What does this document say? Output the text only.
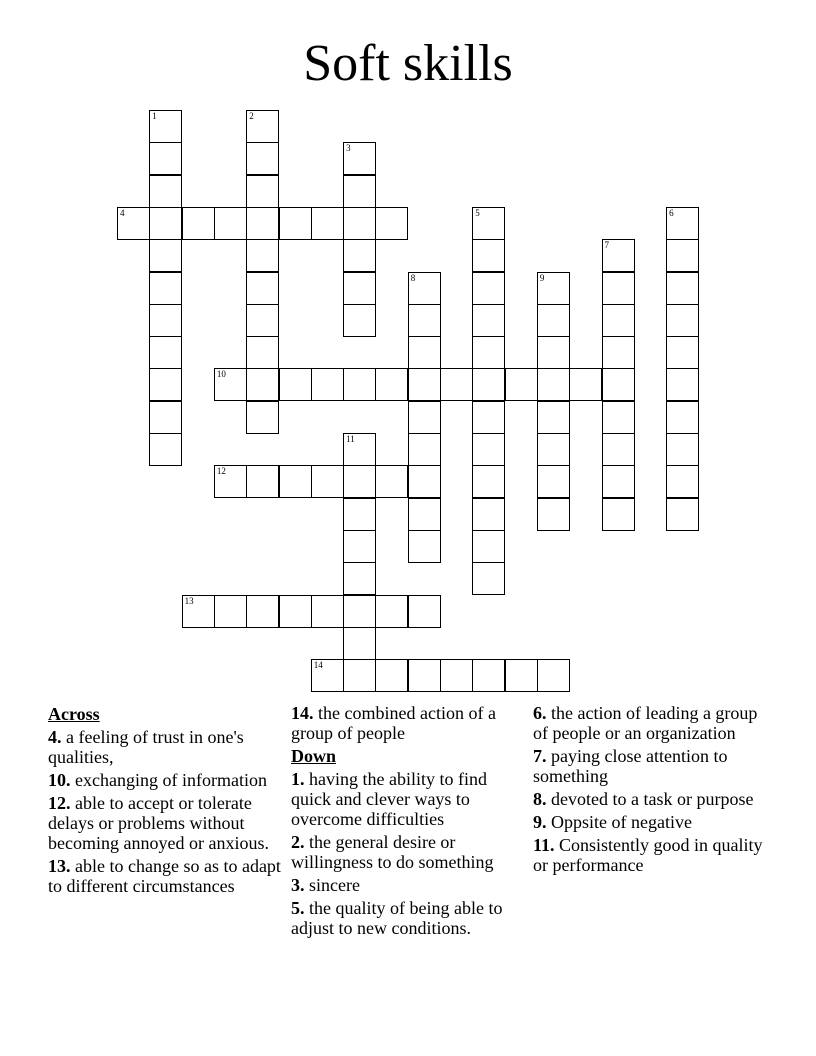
Soft skills
1	2
3
4	5	6
7
8	9
10
11
12
13
14
Across
4. a feeling of trust in one's qualities,
10. exchanging of information
12. able to accept or tolerate delays or problems without becoming annoyed or anxious.
13. able to change so as to adapt to different circumstances
14. the combined action of a group of people
Down
1. having the ability to find quick and clever ways to overcome difficulties
2. the general desire or willingness to do something
3. sincere
5. the quality of being able to adjust to new conditions.
6. the action of leading a group of people or an organization
7. paying close attention to something
8. devoted to a task or purpose
9. Oppsite of negative
11. Consistently good in quality or performance
